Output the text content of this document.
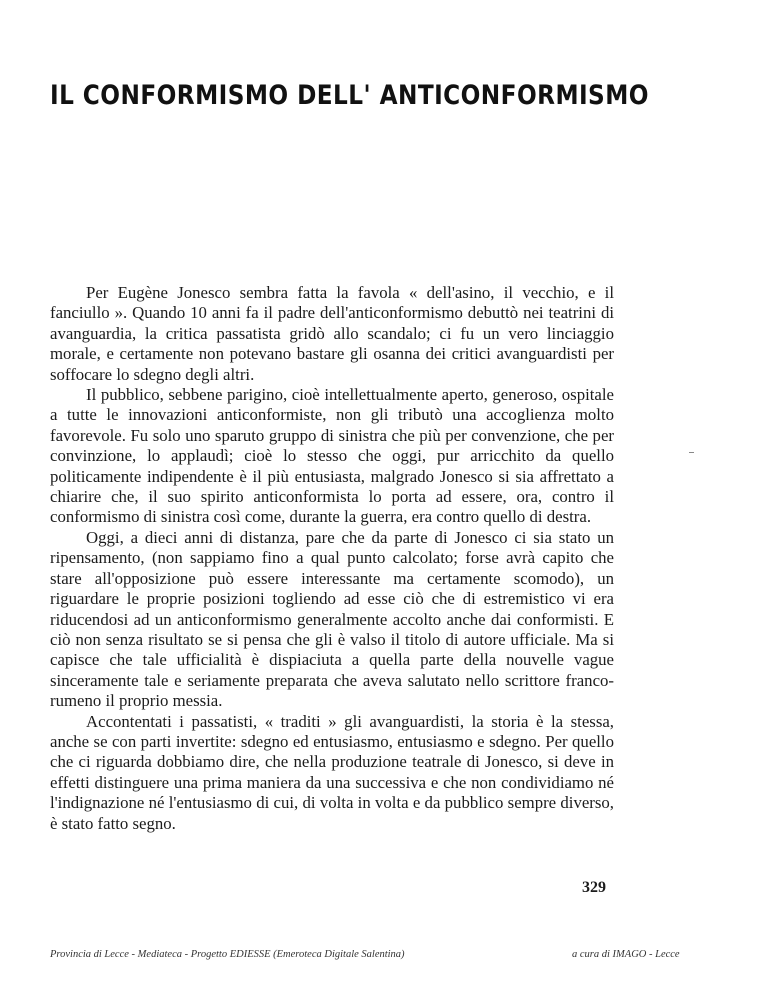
IL CONFORMISMO DELL' ANTICONFORMISMO

Per Eugène Jonesco sembra fatta la favola « dell'asino, il vecchio, e il fanciullo ». Quando 10 anni fa il padre dell'anticonformismo debuttò nei teatrini di avanguardia, la critica passatista gridò allo scandalo; ci fu un vero linciaggio morale, e certamente non potevano bastare gli osanna dei critici avanguardisti per soffocare lo sdegno degli altri.

Il pubblico, sebbene parigino, cioè intellettualmente aperto, generoso, ospitale a tutte le innovazioni anticonformiste, non gli tributò una accoglienza molto favorevole. Fu solo uno sparuto gruppo di sinistra che più per convenzione, che per convinzione, lo applaudì; cioè lo stesso che oggi, pur arricchito da quello politicamente indipendente è il più entusiasta, malgrado Jonesco si sia affrettato a chiarire che, il suo spirito anticonformista lo porta ad essere, ora, contro il conformismo di sinistra così come, durante la guerra, era contro quello di destra.

Oggi, a dieci anni di distanza, pare che da parte di Jonesco ci sia stato un ripensamento, (non sappiamo fino a qual punto calcolato; forse avrà capito che stare all'opposizione può essere interessante ma certamente scomodo), un riguardare le proprie posizioni togliendo ad esse ciò che di estremistico vi era riducendosi ad un anticonformismo generalmente accolto anche dai conformisti. E ciò non senza risultato se si pensa che gli è valso il titolo di autore ufficiale. Ma si capisce che tale ufficialità è dispiaciuta a quella parte della nouvelle vague sinceramente tale e seriamente preparata che aveva salutato nello scrittore franco-rumeno il proprio messia.

Accontentati i passatisti, « traditi » gli avanguardisti, la storia è la stessa, anche se con parti invertite: sdegno ed entusiasmo, entusiasmo e sdegno. Per quello che ci riguarda dobbiamo dire, che nella produzione teatrale di Jonesco, si deve in effetti distinguere una prima maniera da una successiva e che non condividiamo né l'indignazione né l'entusiasmo di cui, di volta in volta e da pubblico sempre diverso, è stato fatto segno.

329
Provincia di Lecce - Mediateca - Progetto EDIESSE (Emeroteca Digitale Salentina)	a cura di IMAGO - Lecce
